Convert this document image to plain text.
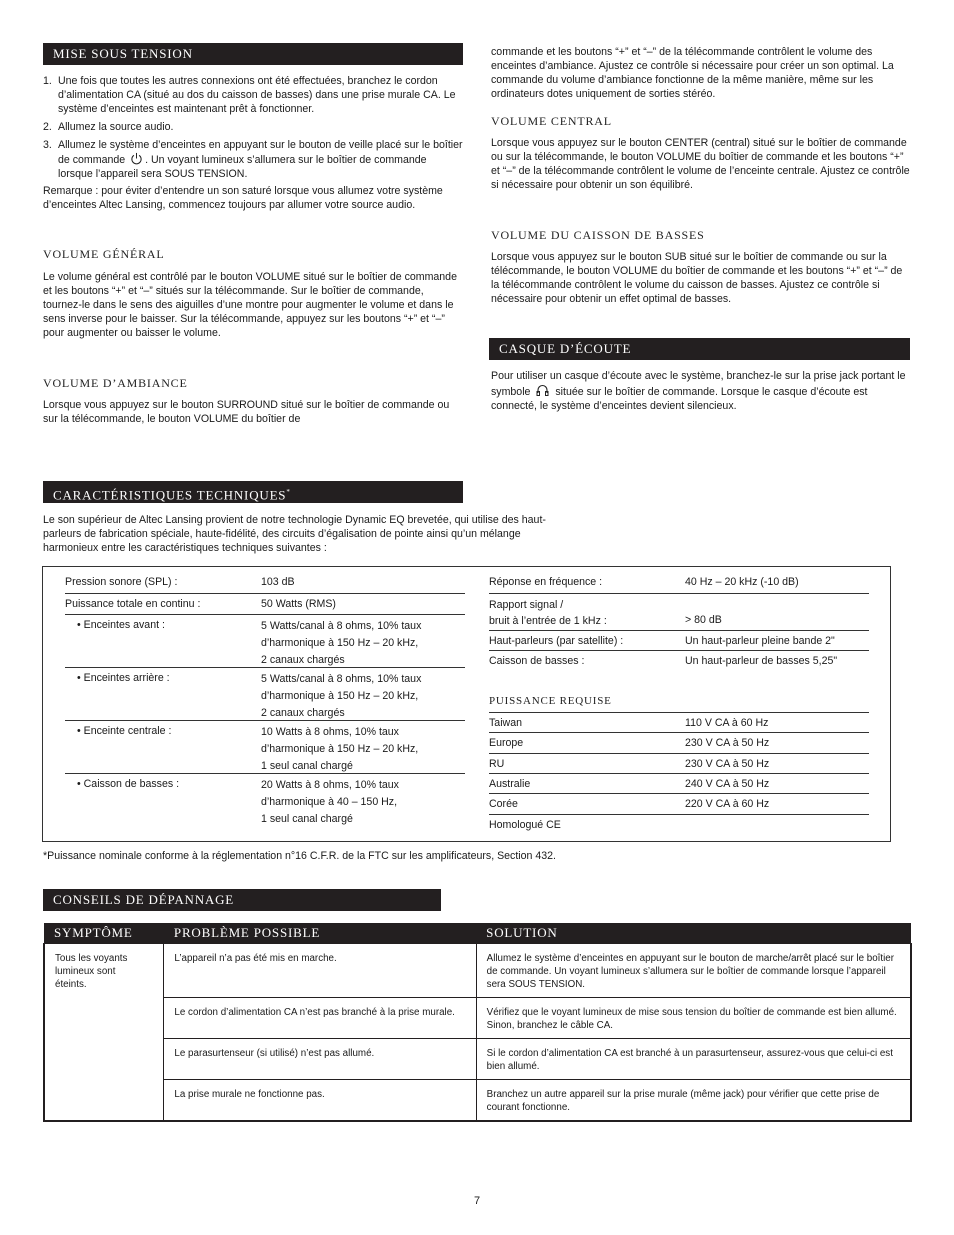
MISE SOUS TENSION
1. Une fois que toutes les autres connexions ont été effectuées, branchez le cordon d’alimentation CA (situé au dos du caisson de basses) dans une prise murale CA. Le système d’enceintes est maintenant prêt à fonctionner.
2. Allumez la source audio.
3. Allumez le système d’enceintes en appuyant sur le bouton de veille placé sur le boîtier de commande . Un voyant lumineux s’allumera sur le boîtier de commande lorsque l’appareil sera SOUS TENSION.

Remarque : pour éviter d’entendre un son saturé lorsque vous allumez votre système d’enceintes Altec Lansing, commencez toujours par allumer votre source audio.

VOLUME GÉNÉRAL

Le volume général est contrôlé par le bouton VOLUME situé sur le boîtier de commande et les boutons “+” et “–” situés sur la télécommande. Sur le boîtier de commande, tournez-le dans le sens des aiguilles d’une montre pour augmenter le volume et dans le sens inverse pour le baisser. Sur la télécommande, appuyez sur les boutons “+” et “–” pour augmenter ou baisser le volume.

VOLUME D’AMBIANCE

Lorsque vous appuyez sur le bouton SURROUND situé sur le boîtier de commande ou sur la télécommande, le bouton VOLUME du boîtier de

commande et les boutons “+” et “–” de la télécommande contrôlent le volume des enceintes d’ambiance. Ajustez ce contrôle si nécessaire pour créer un son optimal. La commande du volume d’ambiance fonctionne de la même manière, même sur les ordinateurs dotes uniquement de sorties stéréo.

VOLUME CENTRAL

Lorsque vous appuyez sur le bouton CENTER (central) situé sur le boîtier de commande ou sur la télécommande, le bouton VOLUME du boîtier de commande et les boutons “+” et “–” de la télécommande contrôlent le volume de l’enceinte centrale. Ajustez ce contrôle si nécessaire pour obtenir un son équilibré.

VOLUME DU CAISSON DE BASSES

Lorsque vous appuyez sur le bouton SUB situé sur le boîtier de commande ou sur la télécommande, le bouton VOLUME du boîtier de commande et les boutons “+” et “–” de la télécommande contrôlent le volume du caisson de basses. Ajustez ce contrôle si nécessaire pour obtenir un effet optimal de basses.

CASQUE D’ÉCOUTE

Pour utiliser un casque d’écoute avec le système, branchez-le sur la prise jack portant le symbole située sur le boîtier de commande. Lorsque le casque d’écoute est connecté, le système d’enceintes devient silencieux.

CARACTÉRISTIQUES TECHNIQUES*

Le son supérieur de Altec Lansing provient de notre technologie Dynamic EQ brevetée, qui utilise des haut-parleurs de fabrication spéciale, haute-fidélité, des circuits d’égalisation de pointe ainsi qu’un mélange harmonieux entre les caractéristiques techniques suivantes :

Pression sonore (SPL) :	103 dB
Puissance totale en continu :	50 Watts (RMS)
• Enceintes avant :	5 Watts/canal à 8 ohms, 10% taux
d’harmonique à 150 Hz – 20 kHz,
2 canaux chargés
• Enceintes arrière :	5 Watts/canal à 8 ohms, 10% taux
d’harmonique à 150 Hz – 20 kHz,
2 canaux chargés
• Enceinte centrale :	10 Watts à 8 ohms, 10% taux
d’harmonique à 150 Hz – 20 kHz,
1 seul canal chargé
• Caisson de basses :	20 Watts à 8 ohms, 10% taux
d’harmonique à 40 – 150 Hz,
1 seul canal chargé
Réponse en fréquence :	40 Hz – 20 kHz (-10 dB)
Rapport signal /
bruit à l’entrée de 1 kHz :	> 80 dB
Haut-parleurs (par satellite) :	Un haut-parleur pleine bande 2"
Caisson de basses :	Un haut-parleur de basses 5,25"
PUISSANCE REQUISE
Taiwan	110 V CA à 60 Hz
Europe	230 V CA à 50 Hz
RU	230 V CA à 50 Hz
Australie	240 V CA à 50 Hz
Corée	220 V CA à 60 Hz
Homologué CE

*Puissance nominale conforme à la réglementation n°16 C.F.R. de la FTC sur les amplificateurs, Section 432.

CONSEILS DE DÉPANNAGE
SYMPTÔME	PROBLÈME POSSIBLE	SOLUTION
Tous les voyants lumineux sont éteints.	L’appareil n’a pas été mis en marche.	Allumez le système d’enceintes en appuyant sur le bouton de marche/arrêt placé sur le boîtier de commande. Un voyant lumineux s’allumera sur le boîtier de commande lorsque l’appareil sera SOUS TENSION.
	Le cordon d’alimentation CA n’est pas branché à la prise murale.	Vérifiez que le voyant lumineux de mise sous tension du boîtier de commande est bien allumé. Sinon, branchez le câble CA.
	Le parasurtenseur (si utilisé) n’est pas allumé.	Si le cordon d’alimentation CA est branché à un parasurtenseur, assurez-vous que celui-ci est bien allumé.
	La prise murale ne fonctionne pas.	Branchez un autre appareil sur la prise murale (même jack) pour vérifier que cette prise de courant fonctionne.
7
